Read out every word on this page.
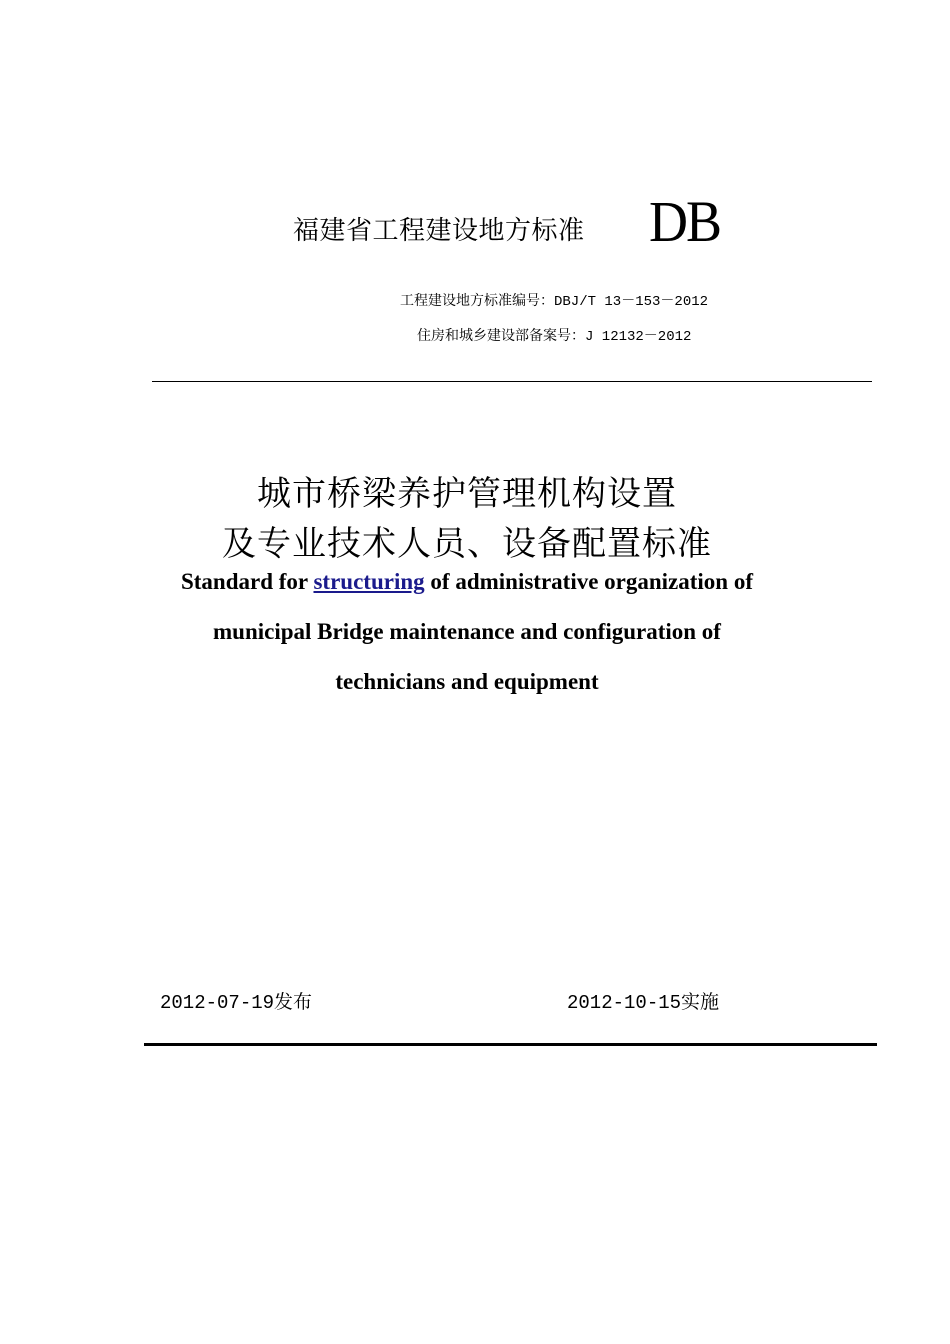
福建省工程建设地方标准 DB
工程建设地方标准编号：DBJ/T 13－153－2012
住房和城乡建设部备案号：J 12132－2012
城市桥梁养护管理机构设置
及专业技术人员、设备配置标准
Standard for structuring of administrative organization of
municipal Bridge maintenance and configuration of
technicians and equipment
2012-07-19发布	2012-10-15实施
